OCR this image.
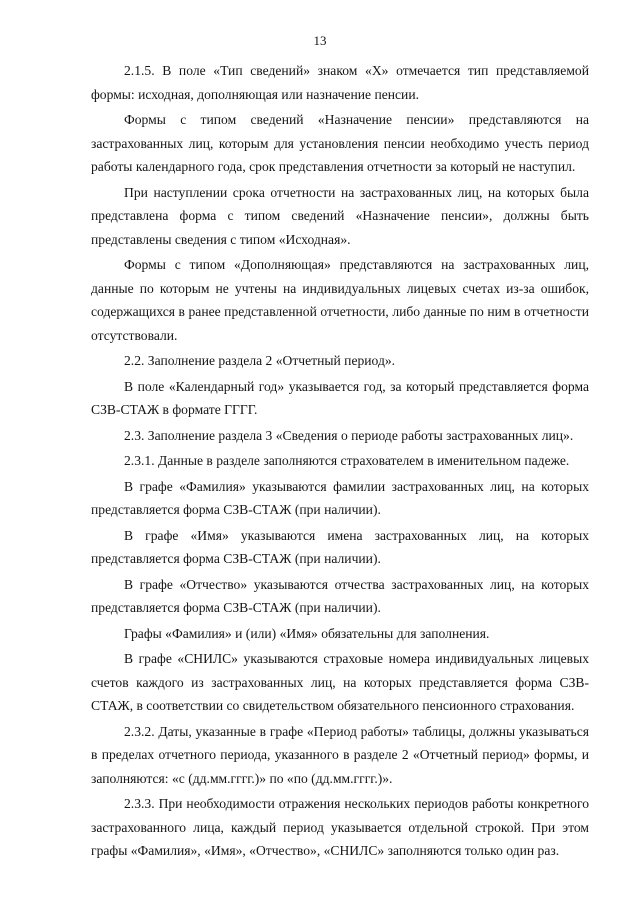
13

2.1.5. В поле «Тип сведений» знаком «Х» отмечается тип представляемой формы: исходная, дополняющая или назначение пенсии.

Формы с типом сведений «Назначение пенсии» представляются на застрахованных лиц, которым для установления пенсии необходимо учесть период работы календарного года, срок представления отчетности за который не наступил.

При наступлении срока отчетности на застрахованных лиц, на которых была представлена форма с типом сведений «Назначение пенсии», должны быть представлены сведения с типом «Исходная».

Формы с типом «Дополняющая» представляются на застрахованных лиц, данные по которым не учтены на индивидуальных лицевых счетах из-за ошибок, содержащихся в ранее представленной отчетности, либо данные по ним в отчетности отсутствовали.

2.2. Заполнение раздела 2 «Отчетный период».

В поле «Календарный год» указывается год, за который представляется форма СЗВ-СТАЖ в формате ГГГГ.

2.3. Заполнение раздела 3 «Сведения о периоде работы застрахованных лиц».

2.3.1. Данные в разделе заполняются страхователем в именительном падеже.

В графе «Фамилия» указываются фамилии застрахованных лиц, на которых представляется форма СЗВ-СТАЖ (при наличии).

В графе «Имя» указываются имена застрахованных лиц, на которых представляется форма СЗВ-СТАЖ (при наличии).

В графе «Отчество» указываются отчества застрахованных лиц, на которых представляется форма СЗВ-СТАЖ (при наличии).

Графы «Фамилия» и (или) «Имя» обязательны для заполнения.

В графе «СНИЛС» указываются страховые номера индивидуальных лицевых счетов каждого из застрахованных лиц, на которых представляется форма СЗВ-СТАЖ, в соответствии со свидетельством обязательного пенсионного страхования.

2.3.2. Даты, указанные в графе «Период работы» таблицы, должны указываться в пределах отчетного периода, указанного в разделе 2 «Отчетный период» формы, и заполняются: «с (дд.мм.гггг.)» по «по (дд.мм.гггг.)».

2.3.3. При необходимости отражения нескольких периодов работы конкретного застрахованного лица, каждый период указывается отдельной строкой. При этом графы «Фамилия», «Имя», «Отчество», «СНИЛС» заполняются только один раз.
